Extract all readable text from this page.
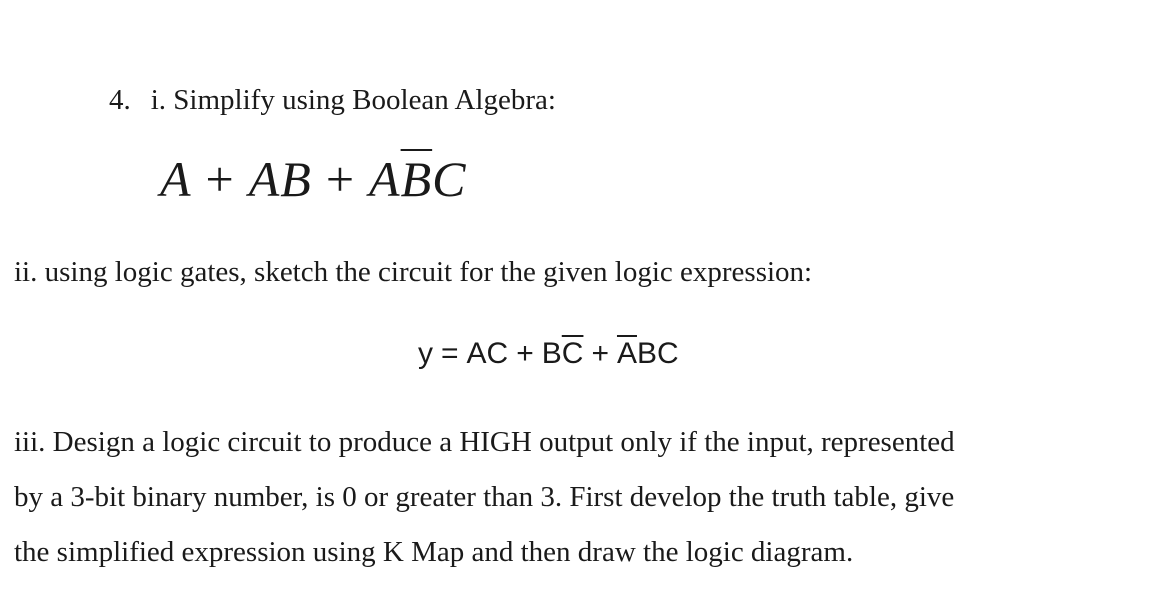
4. i. Simplify using Boolean Algebra:
A + AB + $A\overline{B}C$
ii. using logic gates, sketch the circuit for the given logic expression:
y = AC + $B\overline{C} + \overline{A}BC$
iii. Design a logic circuit to produce a HIGH output only if the input, represented
by a 3-bit binary number, is 0 or greater than 3. First develop the truth table, give
the simplified expression using K Map and then draw the logic diagram.
